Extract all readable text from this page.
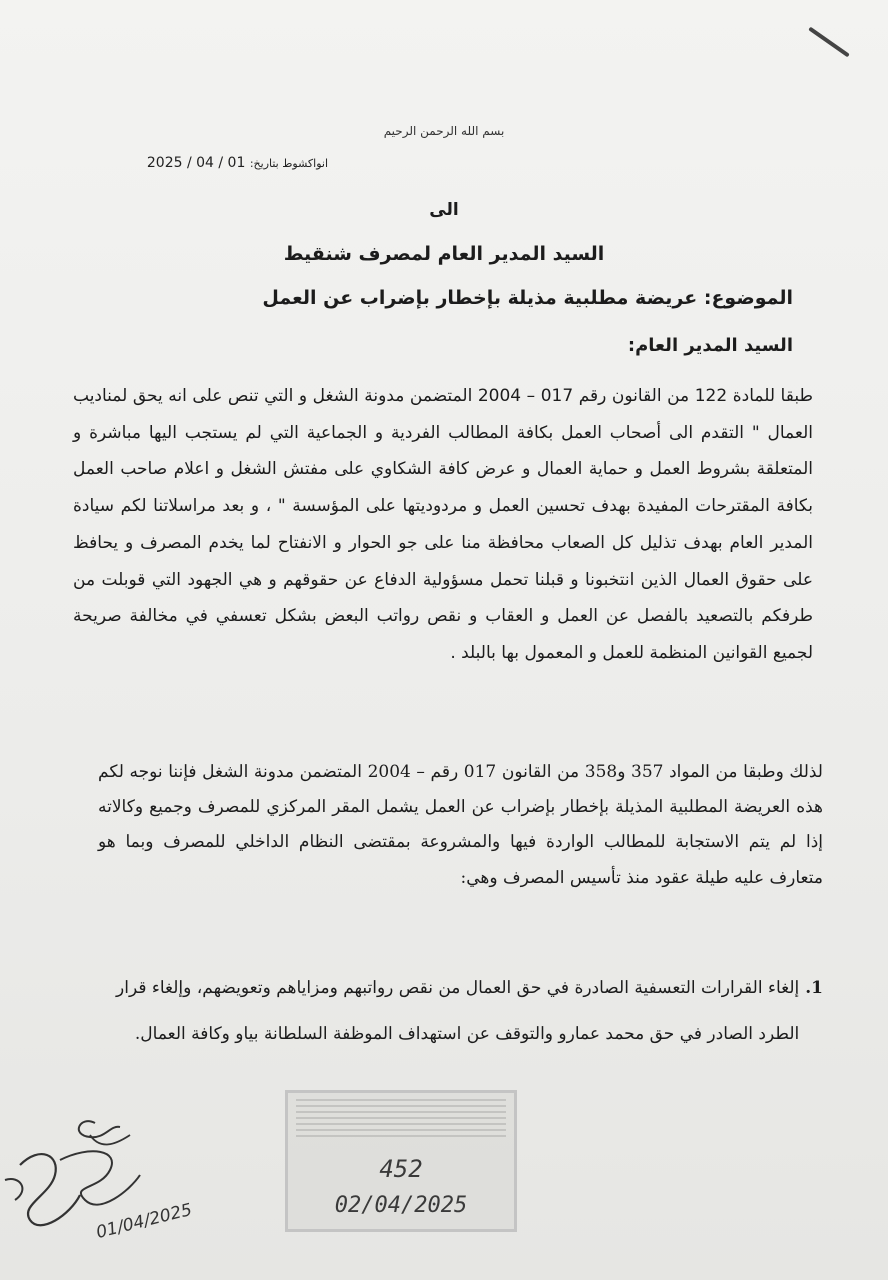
بسم الله الرحمن الرحيم
انواكشوط بتاريخ: 2025 / 04 / 01
الى
السيد المدير العام لمصرف شنقيط
الموضوع: عريضة مطلبية مذيلة بإخطار بإضراب عن العمل
السيد المدير العام:
طبقا للمادة 122 من القانون رقم 017 – 2004 المتضمن مدونة الشغل و التي تنص على انه يحق لمناديب العمال " التقدم الى أصحاب العمل بكافة المطالب الفردية و الجماعية التي لم يستجب اليها مباشرة و المتعلقة بشروط العمل و حماية العمال و عرض كافة الشكاوي على مفتش الشغل و اعلام صاحب العمل بكافة المقترحات المفيدة بهدف تحسين العمل و مردوديتها على المؤسسة " ، و بعد مراسلاتنا لكم سيادة المدير العام بهدف تذليل كل الصعاب محافظة منا على جو الحوار و الانفتاح لما يخدم المصرف و يحافظ على حقوق العمال الذين انتخبونا و قبلنا تحمل مسؤولية الدفاع عن حقوقهم و هي الجهود التي قوبلت من طرفكم بالتصعيد بالفصل عن العمل و العقاب و نقص رواتب البعض بشكل تعسفي في مخالفة صريحة لجميع القوانين المنظمة للعمل و المعمول بها بالبلد .
لذلك وطبقا من المواد 357 و358 من القانون 017 رقم – 2004 المتضمن مدونة الشغل فإننا نوجه لكم هذه العريضة المطلبية المذيلة بإخطار بإضراب عن العمل يشمل المقر المركزي للمصرف وجميع وكالاته إذا لم يتم الاستجابة للمطالب الواردة فيها والمشروعة بمقتضى النظام الداخلي للمصرف وبما هو متعارف عليه طيلة عقود منذ تأسيس المصرف وهي:
1.
إلغاء القرارات التعسفية الصادرة في حق العمال من نقص رواتبهم ومزاياهم وتعويضهم، وإلغاء قرار الطرد الصادر في حق محمد عمارو والتوقف عن استهداف الموظفة السلطانة بياو وكافة العمال.
452
02/04/2025
01/04/2025
